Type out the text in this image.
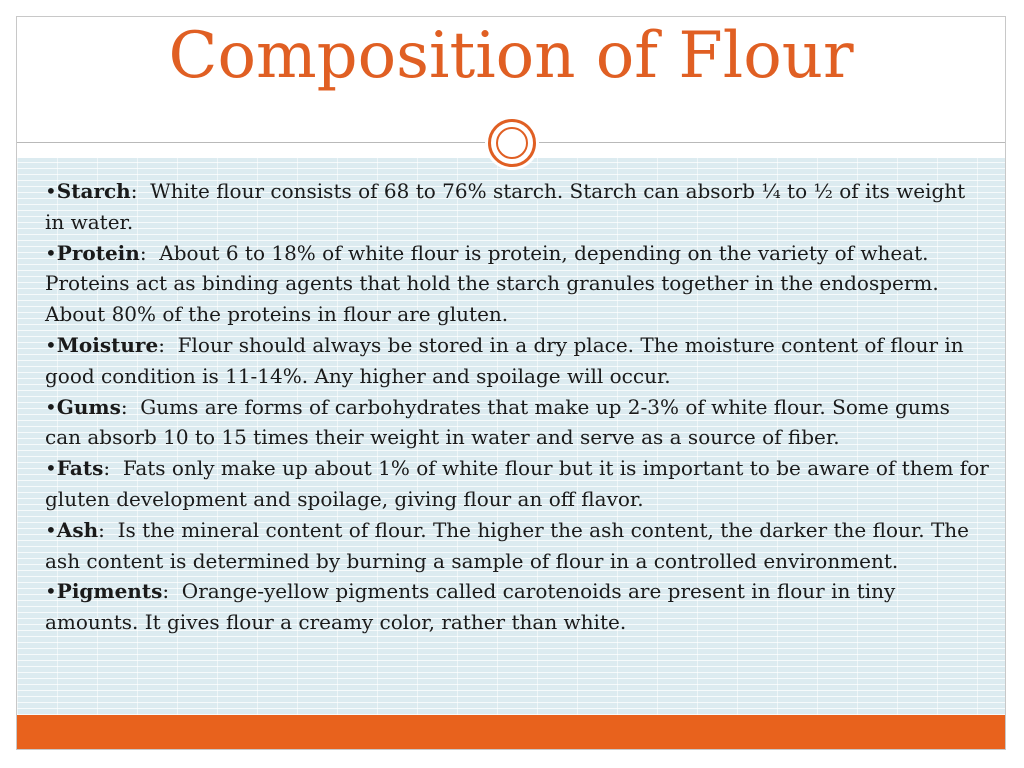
Composition of Flour

•Starch:  White flour consists of 68 to 76% starch. Starch can absorb ¼ to ½ of its weight in water.

•Protein:  About 6 to 18% of white flour is protein, depending on the variety of wheat. Proteins act as binding agents that hold the starch granules together in the endosperm. About 80% of the proteins in flour are gluten.

•Moisture:  Flour should always be stored in a dry place. The moisture content of flour in good condition is 11-14%. Any higher and spoilage will occur.

•Gums:  Gums are forms of carbohydrates that make up 2-3% of white flour. Some gums can absorb 10 to 15 times their weight in water and serve as a source of fiber.

•Fats:  Fats only make up about 1% of white flour but it is important to be aware of them for gluten development and spoilage, giving flour an off flavor.

•Ash:  Is the mineral content of flour. The higher the ash content, the darker the flour. The ash content is determined by burning a sample of flour in a controlled environment.

•Pigments:  Orange-yellow pigments called carotenoids are present in flour in tiny amounts. It gives flour a creamy color, rather than white.
